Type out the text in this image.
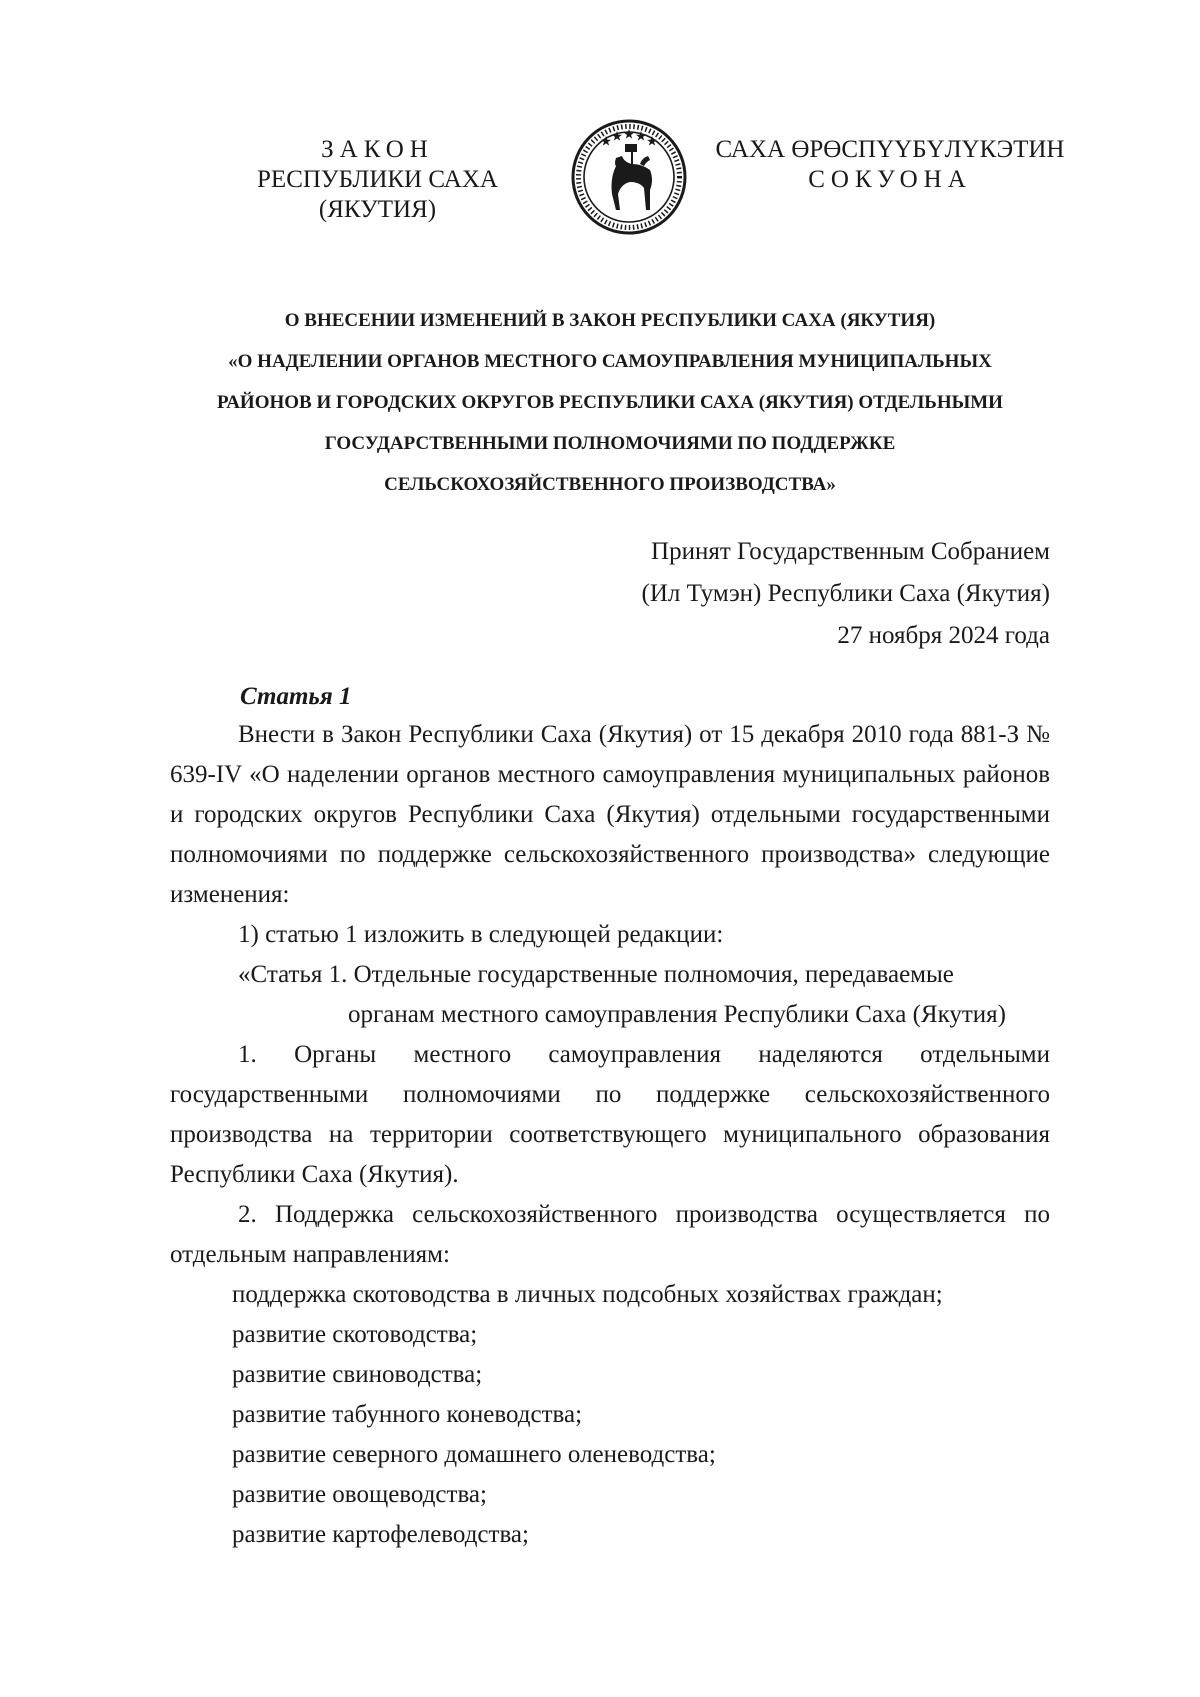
ЗАКОН
РЕСПУБЛИКИ САХА (ЯКУТИЯ)
САХА ӨРӨСПҮҮБҮЛҮКЭТИН
СОКУОНА
О ВНЕСЕНИИ ИЗМЕНЕНИЙ В ЗАКОН РЕСПУБЛИКИ САХА (ЯКУТИЯ)
«О НАДЕЛЕНИИ ОРГАНОВ МЕСТНОГО САМОУПРАВЛЕНИЯ МУНИЦИПАЛЬНЫХ
РАЙОНОВ И ГОРОДСКИХ ОКРУГОВ РЕСПУБЛИКИ САХА (ЯКУТИЯ) ОТДЕЛЬНЫМИ
ГОСУДАРСТВЕННЫМИ ПОЛНОМОЧИЯМИ ПО ПОДДЕРЖКЕ
СЕЛЬСКОХОЗЯЙСТВЕННОГО ПРОИЗВОДСТВА»
Принят Государственным Собранием
(Ил Тумэн) Республики Саха (Якутия)
27 ноября 2024 года
Статья 1
Внести в Закон Республики Саха (Якутия) от 15 декабря 2010 года 881-З № 639-IV «О наделении органов местного самоуправления муниципальных районов и городских округов Республики Саха (Якутия) отдельными государственными полномочиями по поддержке сельскохозяйственного производства» следующие изменения:
1) статью 1 изложить в следующей редакции:
«Статья 1. Отдельные государственные полномочия, передаваемые
органам местного самоуправления Республики Саха (Якутия)
1. Органы местного самоуправления наделяются отдельными государственными полномочиями по поддержке сельскохозяйственного производства на территории соответствующего муниципального образования Республики Саха (Якутия).
2. Поддержка сельскохозяйственного производства осуществляется по отдельным направлениям:
поддержка скотоводства в личных подсобных хозяйствах граждан;
развитие скотоводства;
развитие свиноводства;
развитие табунного коневодства;
развитие северного домашнего оленеводства;
развитие овощеводства;
развитие картофелеводства;
